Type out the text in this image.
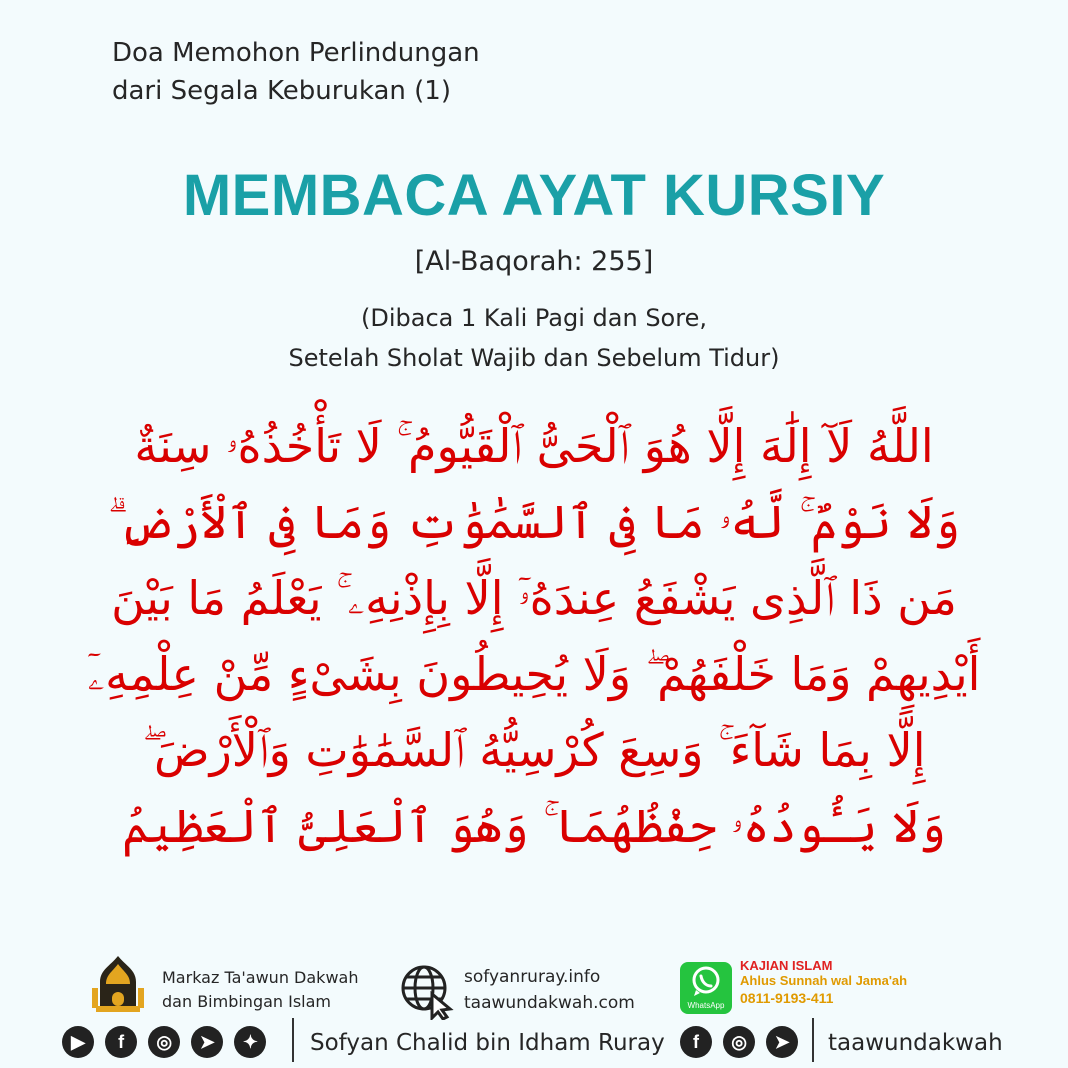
Doa Memohon Perlindungan
dari Segala Keburukan (1)
MEMBACA AYAT KURSIY
[Al-Baqorah: 255]
(Dibaca 1 Kali Pagi dan Sore,
Setelah Sholat Wajib dan Sebelum Tidur)
اللَّهُ لَآ إِلَٰهَ إِلَّا هُوَ ٱلْحَىُّ ٱلْقَيُّومُ ۚ لَا تَأْخُذُهُۥ سِنَةٌ
وَلَا نَوْمٌ ۚ لَّهُۥ مَا فِى ٱلسَّمَٰوَٰتِ وَمَا فِى ٱلْأَرْضِ ۗ
مَن ذَا ٱلَّذِى يَشْفَعُ عِندَهُۥٓ إِلَّا بِإِذْنِهِۦ ۚ يَعْلَمُ مَا بَيْنَ
أَيْدِيهِمْ وَمَا خَلْفَهُمْ ۖ وَلَا يُحِيطُونَ بِشَىْءٍ مِّنْ عِلْمِهِۦٓ
إِلَّا بِمَا شَآءَ ۚ وَسِعَ كُرْسِيُّهُ ٱلسَّمَٰوَٰتِ وَٱلْأَرْضَ ۖ
وَلَا يَـُٔودُهُۥ حِفْظُهُمَا ۚ وَهُوَ ٱلْعَلِىُّ ٱلْعَظِيمُ
Markaz Ta'awun Dakwah
dan Bimbingan Islam
sofyanruray.info
taawundakwah.com	WhatsApp
KAJIAN ISLAM
Ahlus Sunnah wal Jama'ah
0811-9193-411
▶ f ◎ ➤ ✦	Sofyan Chalid bin Idham Ruray	f ◎ ➤	taawundakwah
